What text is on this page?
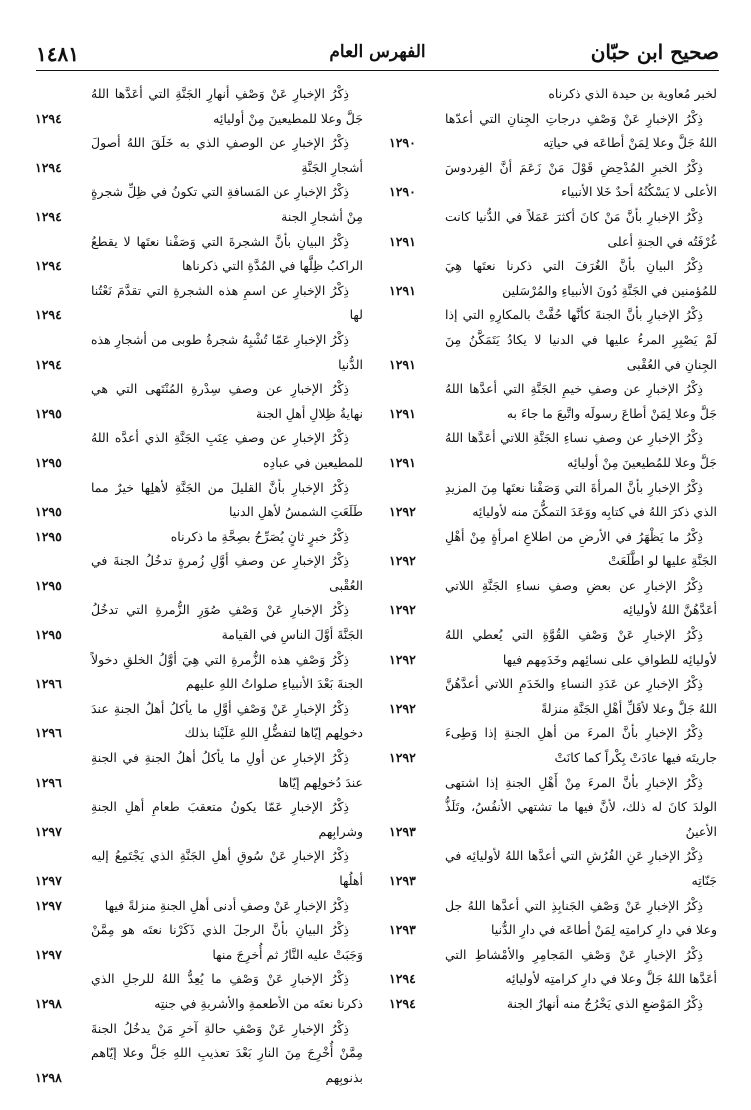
صحيح ابن حبّان
الفهرس العام
١٤٨١
لخبر مُعاوية بن حيدة الذي ذكرناه
ذِكْرُ الإخبارِ عَنْ وَصْفِ درجاتِ الجِنانِ التي أعدّها اللهُ جَلَّ وعلا لِمَنْ أطاعَه في حياتِه
١٢٩٠
ذِكْرُ الخبرِ المُدْحِضِ قَوْلَ مَنْ زَعَمَ أنَّ الفِردوسَ الأعلى لا يَسْكُنُهُ أحدٌ خَلا الأنبياء
١٢٩٠
ذِكْرُ الإخبارِ بأنَّ مَنْ كانَ أكثرَ عَمَلاً في الدُّنيا كانت غُرْفَتُه في الجنةِ أعلى
١٢٩١
ذِكْرُ البيانِ بأنَّ الغُرَفَ التي ذكرنا نعتَها هِيَ للمُؤمنين في الجَنَّةِ دُونَ الأنبياءِ والمُرْسَلين
١٢٩١
ذِكْرُ الإخبارِ بأنَّ الجنةَ كأنَّها حُفَّتْ بالمكارِهِ التي إذا لَمْ يَصْبِرِ المرءُ عليها في الدنيا لا يكادُ يَتَمَكَّنُ مِنَ الجِنانِ في العُقْبى
١٢٩١
ذِكْرُ الإخبارِ عن وصفِ خيمِ الجَنَّةِ التي أعدَّها اللهُ جَلَّ وعلا لِمَنْ أطاعَ رسولَه واتَّبعَ ما جاءَ به
١٢٩١
ذِكْرُ الإخبارِ عن وصفِ نساءِ الجَنَّةِ اللاتي أعَدَّها اللهُ جَلَّ وعلا للمُطيعينَ مِنْ أوليائِه
١٢٩١
ذِكْرُ الإخبارِ بأنَّ المرأةَ التي وَصَفْنا نعتَها مِنَ المزيدِ الذي ذكرَ اللهُ في كتابِه ووَعَدَ التمكُّنَ منه لأوليائِه
١٢٩٢
ذِكْرُ ما يَظْهَرُ في الأرضِ من اطلاعِ امرأةٍ مِنْ أهْلِ الجَنَّةِ عليها لو اطَّلَعَتْ
١٢٩٢
ذِكْرُ الإخبارِ عن بعضِ وصفِ نساءِ الجَنَّةِ اللاتي أعَدَّهُنَّ اللهُ لأوليائِه
١٢٩٢
ذِكْرُ الإخبارِ عَنْ وَصْفِ القُوَّةِ التي يُعطي اللهُ لأوليائِه للطوافِ على نسائِهم وخَدَمِهم فيها
١٢٩٢
ذِكْرُ الإخبارِ عن عَدَدِ النساءِ والخَدَمِ اللاتي أعدَّهُنَّ اللهُ جَلَّ وعلا لأقَلِّ أهْلِ الجَنَّةِ منزلةً
١٢٩٢
ذِكْرُ الإخبارِ بأنَّ المرءَ من أهلِ الجنةِ إذا وَطِىءَ جاريتَه فيها عادَتْ بِكْراً كما كانَتْ
١٢٩٢
ذِكْرُ الإخبارِ بأنَّ المرءَ مِنْ أَهْلِ الجنةِ إذا اشتهى الولدَ كانَ له ذلك، لأنَّ فيها ما تشتهي الأنفُسُ، وتَلَذُّ الأعينُ
١٢٩٣
ذِكْرُ الإخبارِ عَنِ الفُرُشِ التي أعدَّها اللهُ لأوليائِه في جَنّاتِه
١٢٩٣
ذِكْرُ الإخبارِ عَنْ وَصْفِ الجَنابِذِ التي أعدَّها اللهُ جل وعلا في دارِ كرامتِه لِمَنْ أطاعَه في دارِ الدُّنيا
١٢٩٣
ذِكْرُ الإخبارِ عَنْ وَصْفِ المَجامِرِ والأمْشاطِ التي أعَدَّها اللهُ جَلَّ وعلا في دارِ كرامتِه لأوليائِه
١٢٩٤
ذِكْرُ المَوْضعِ الذي يَخْرُجُ منه أنهارُ الجنة
١٢٩٤
ذِكْرُ الإخبارِ عَنْ وَصْفِ أنهارِ الجَنَّةِ التي أعَدَّها اللهُ جَلَّ وعلا للمطيعينَ مِنْ أوليائِه
١٢٩٤
ذِكْرُ الإخبارِ عن الوصفِ الذي به خَلَقَ اللهُ أصولَ أشجارِ الجَنَّةِ
١٢٩٤
ذِكْرُ الإخبارِ عن المَسافةِ التي تكونُ في ظِلِّ شجرةٍ مِنْ أشجارِ الجنة
١٢٩٤
ذِكْرُ البيانِ بأنَّ الشجرةَ التي وَصَفْنا نعتَها لا يقطعُ الراكبُ ظِلَّها في المُدَّةِ التي ذكرناها
١٢٩٤
ذِكْرُ الإخبارِ عن اسمِ هذه الشجرةِ التي تقدَّمَ نَعْتُنا لها
١٢٩٤
ذِكْرُ الإخبارِ عَمّا تُشْبِهُ شجرةُ طوبى من أشجارِ هذه الدُّنيا
١٢٩٤
ذِكْرُ الإخبارِ عن وصفِ سِدْرةِ المُنْتَهى التي هي نهايةُ ظِلالِ أهلِ الجنة
١٢٩٥
ذِكْرُ الإخبارِ عن وصفِ عِنَبِ الجَنَّةِ الذي أعدَّه اللهُ للمطيعين في عبادِه
١٢٩٥
ذِكْرُ الإخبارِ بأنَّ القليلَ من الجَنَّةِ لأهلِها خيرٌ مما طَلَعَتِ الشمسُ لأهلِ الدنيا
١٢٩٥
ذِكْرُ خبرٍ ثانٍ يُصَرِّحُ بصِحَّةِ ما ذكرناه
١٢٩٥
ذِكْرُ الإخبارِ عن وصفِ أوَّلِ زُمرةٍ تدخُلُ الجنةَ في العُقْبى
١٢٩٥
ذِكْرُ الإخبارِ عَنْ وَصْفِ صُوَرِ الزُّمرةِ التي تدخُلُ الجَنَّةَ أوَّلَ الناسِ في القيامة
١٢٩٥
ذِكْرُ وَصْفِ هذه الزُّمرةِ التي هِيَ أوَّلُ الخلقِ دخولاً الجنةَ بَعْدَ الأنبياءِ صلواتُ اللهِ عليهم
١٢٩٦
ذِكْرُ الإخبارِ عَنْ وَصْفِ أوَّلِ ما يأكلُ أهلُ الجنةِ عندَ دخولِهم إيّاها لتفضُّلِ اللهِ عَلَيْنا بذلك
١٢٩٦
ذِكْرُ الإخبارِ عن أولِ ما يأكلُ أهلُ الجنةِ في الجنةِ عندَ دُخولِهم إيّاها
١٢٩٦
ذِكْرُ الإخبارِ عَمّا يكونُ متعقبَ طعامِ أهلِ الجنةِ وشرابِهم
١٢٩٧
ذِكْرُ الإخبارِ عَنْ سُوقِ أهلِ الجَنَّةِ الذي يَجْتَمِعُ إليه أهلُها
١٢٩٧
ذِكْرُ الإخبارِ عَنْ وصفِ أدنى أهلِ الجنةِ منزلةً فيها
١٢٩٧
ذِكْرُ البيانِ بأنَّ الرجلَ الذي ذَكَرْنا نعتَه هو مِمَّنْ وَجَبَتْ عليه النَّارُ ثم أُخرِجَ منها
١٢٩٧
ذِكْرُ الإخبارِ عَنْ وَصْفِ ما يُعِدُّ اللهُ للرجلِ الذي ذكرنا نعتَه من الأطعمةِ والأشربةِ في جنتِه
١٢٩٨
ذِكْرُ الإخبارِ عَنْ وَصْفِ حالةِ آخرِ مَنْ يدخُلُ الجنةَ مِمَّنْ أُخْرِجَ مِنَ النارِ بَعْدَ تعذيبِ اللهِ جَلَّ وعلا إيّاهم بذنوبِهم
١٢٩٨
